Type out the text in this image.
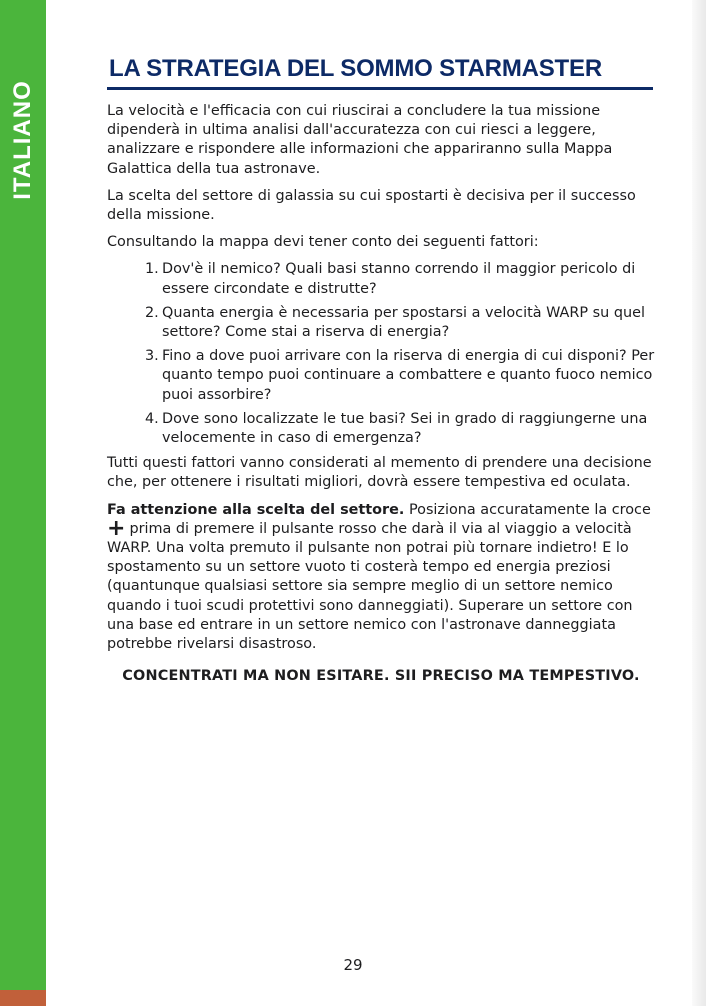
ITALIANO
LA STRATEGIA DEL SOMMO STARMASTER

La velocità e l'efficacia con cui riuscirai a concludere la tua missione dipenderà in ultima analisi dall'accuratezza con cui riesci a leggere, analizzare e rispondere alle informazioni che appariranno sulla Mappa Galattica della tua astronave.

La scelta del settore di galassia su cui spostarti è decisiva per il successo della missione.

Consultando la mappa devi tener conto dei seguenti fattori:

1. Dov'è il nemico? Quali basi stanno correndo il maggior pericolo di essere circondate e distrutte?
2. Quanta energia è necessaria per spostarsi a velocità WARP su quel settore? Come stai a riserva di energia?
3. Fino a dove puoi arrivare con la riserva di energia di cui disponi? Per quanto tempo puoi continuare a combattere e quanto fuoco nemico puoi assorbire?
4. Dove sono localizzate le tue basi? Sei in grado di raggiungerne una velocemente in caso di emergenza?

Tutti questi fattori vanno considerati al memento di prendere una decisione che, per ottenere i risultati migliori, dovrà essere tempestiva ed oculata.

Fa attenzione alla scelta del settore. Posiziona accuratamente la croce + prima di premere il pulsante rosso che darà il via al viaggio a velocità WARP. Una volta premuto il pulsante non potrai più tornare indietro! E lo spostamento su un settore vuoto ti costerà tempo ed energia preziosi (quantunque qualsiasi settore sia sempre meglio di un settore nemico quando i tuoi scudi protettivi sono danneggiati). Superare un settore con una base ed entrare in un settore nemico con l'astronave danneggiata potrebbe rivelarsi disastroso.

CONCENTRATI MA NON ESITARE. SII PRECISO MA TEMPESTIVO.
29
